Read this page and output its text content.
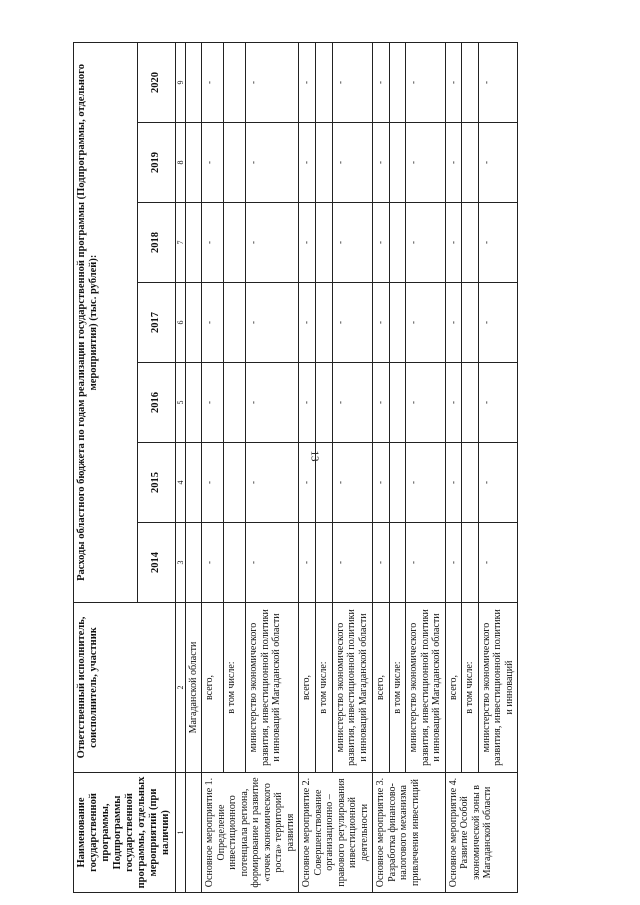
13
Наименование государственной программы, Подпрограммы государственной программы, отдельных мероприятий (при наличии)	Ответственный исполнитель, соисполнитель, участник	Расходы областного бюджета по годам реализации государственной программы (Подпрограммы, отдельного мероприятия) (тыс. рублей):						
		2014	2015	2016	2017	2018	2019	2020
1	2	3	4	5	6	7	8	9
	Магаданской области							
Основное мероприятие 1. Определение инвестиционного потенциала региона, формирование и развитие «точек экономического роста» территорий развития	всего,	-	-	-	-	-	-	-
	в том числе:							
	министерство экономического развития, инвестиционной политики и инноваций Магаданской области	-	-	-	-	-	-	-
Основное мероприятие 2. Совершенствование организационно – правового регулирования инвестиционной деятельности	всего,	-	-	-	-	-	-	-
	в том числе:							
	министерство экономического развития, инвестиционной политики и инноваций Магаданской области	-	-	-	-	-	-	-
Основное мероприятие 3. Разработка финансово-налогового механизма привлечения инвестиций	всего,	-	-	-	-	-	-	-
	в том числе:							
	министерство экономического развития, инвестиционной политики и инноваций Магаданской области	-	-	-	-	-	-	-
Основное мероприятие 4. Развитие Особой экономической зоны в Магаданской области	всего,	-	-	-	-	-	-	-
	в том числе:							
	министерство экономического развития, инвестиционной политики и инноваций	-	-	-	-	-	-	-
